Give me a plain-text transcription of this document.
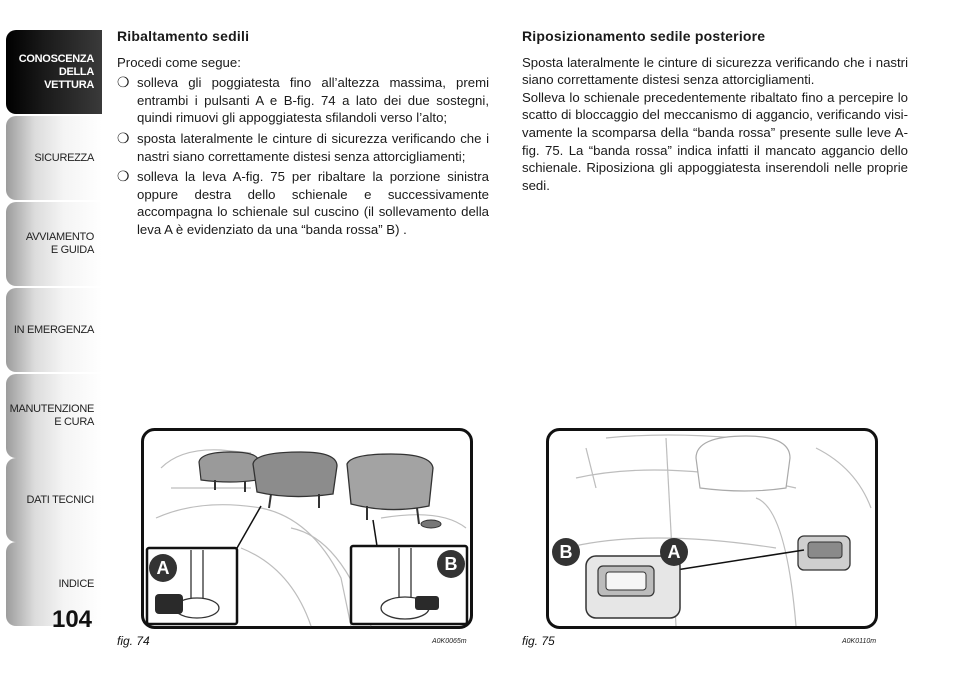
CONOSCENZA
DELLA
VETTURA
SICUREZZA
AVVIAMENTO
E GUIDA
IN EMERGENZA
MANUTENZIONE
E CURA
DATI TECNICI
INDICE
104
Ribaltamento sedili

Procedi come segue:

❍ solleva gli poggiatesta fino all’altezza massima, premi entrambi i pulsanti A e B-fig. 74 a lato dei due sostegni, quindi rimuovi gli appoggiatesta sfilandoli verso l’alto;
❍ sposta lateralmente le cinture di sicurezza verificando che i nastri siano correttamente distesi senza attorcigliamenti;
❍ solleva la leva A-fig. 75 per ribaltare la porzione sinistra oppure destra dello schienale e successivamente accompagna lo schienale sul cuscino (il sollevamento della leva A è evidenziato da una “banda rossa” B) .
Riposizionamento sedile posteriore

Sposta lateralmente le cinture di sicurezza verificando che i nastri siano correttamente distesi senza attorcigliamenti.

Solleva lo schienale precedentemente ribaltato fino a percepire lo scatto di bloccaggio del meccanismo di aggancio, verificando visi-vamente la scomparsa della “banda rossa” presente sulle leve A-fig. 75. La “banda rossa” indica infatti il mancato aggancio dello schienale. Riposiziona gli appoggiatesta inserendoli nelle proprie sedi.

A	B
fig. 74	A0K0065m
B	A
fig. 75	A0K0110m
